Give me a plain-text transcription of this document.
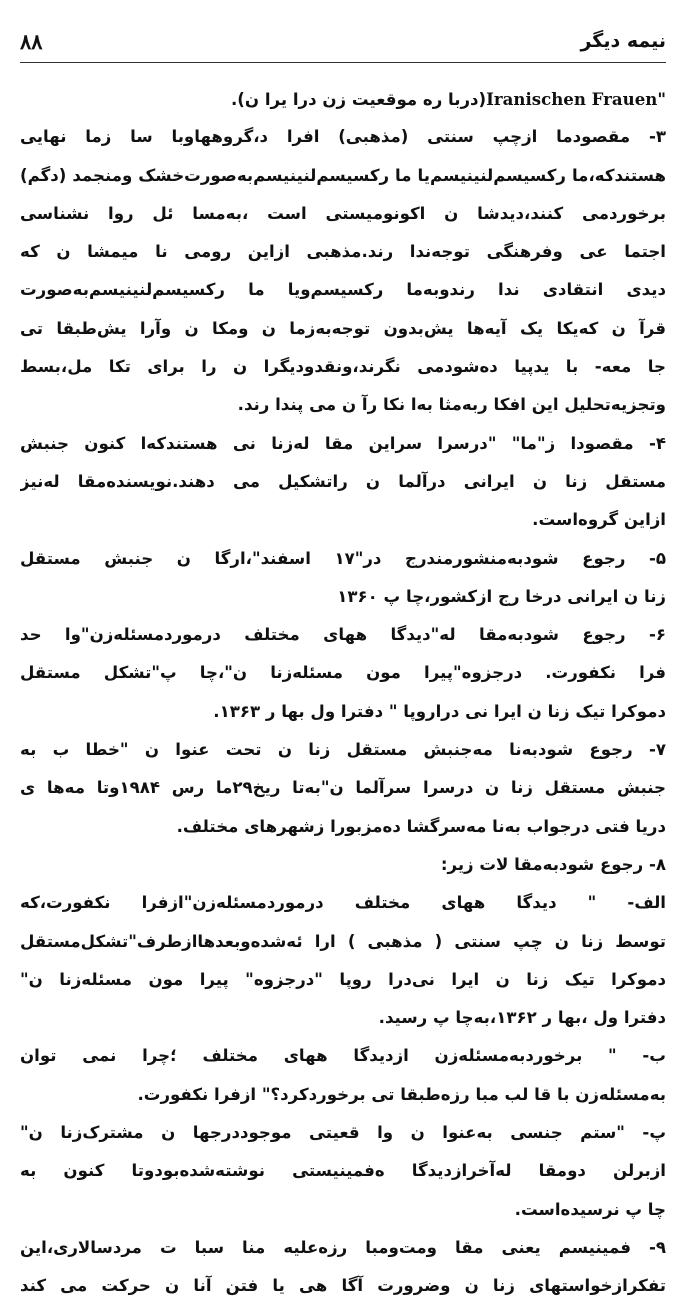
۸۸	نیمه دیگر
Iranischen Frauen"(دربا ره موقعیت زن درا یرا ن).
۳- مقصودما ازچپ سنتی (مذهبی) افرا د،گروههاوبا سا زما نهایی
هستندکه،ما رکسیسم‌لنینیسم‌یا ما رکسیسم‌لنینیسم‌به‌صورت‌خشک ومنجمد (دگم)
برخوردمی کنند،دیدشا ن اکونومیستی است ،به‌مسا ئل روا نشناسی
اجتما عی وفرهنگی توجه‌ندا رند.مذهبی ازاین رومی نا میمشا ن که
دیدی انتقادی ندا رندوبه‌ما رکسیسم‌ویا ما رکسیسم‌لنینیسم‌به‌صورت
قرآ ن که‌یکا یک آیه‌ها یش‌بدون توجه‌به‌زما ن ومکا ن وآرا یش‌طبقا تی
جا معه- با یدپیا ده‌شودمی نگرند،ونقدودیگرا ن را برای تکا مل،بسط
وتجزیه‌تحلیل این افکا ربه‌مثا به‌ا نکا رآ ن می پندا رند.
۴- مقصودا ز"ما" "درسرا سراین مقا له‌زنا نی هستندکه‌ا کنون جنبش
مستقل زنا ن ایرانی درآلما ن راتشکیل می دهند.نویسنده‌مقا له‌نیز
ازاین گروه‌است.
۵- رجوع شودبه‌منشورمندرج در"۱۷ اسفند"،ارگا ن جنبش مستقل
زنا ن ایرانی درخا رج ازکشور،چا پ ۱۳۶۰
۶- رجوع شودبه‌مقا له"دیدگا ههای مختلف درموردمسئله‌زن"وا حد
فرا نکفورت. درجزوه"پیرا مون مسئله‌زنا ن"،چا پ"تشکل مستقل
دموکرا تیک زنا ن ایرا نی دراروپا " دفترا ول بها ر ۱۳۶۳.
۷- رجوع شودبه‌نا مه‌جنبش مستقل زنا ن تحت عنوا ن "خطا ب به
جنبش مستقل زنا ن درسرا سرآلما ن"به‌تا ریخ۲۹ما رس ۱۹۸۴وتا مه‌ها ی
دریا فتی درجواب به‌نا مه‌سرگشا ده‌مزبورا زشهرهای مختلف.
۸- رجوع شودبه‌مقا لات زیر:
الف- " دیدگا ههای مختلف درموردمسئله‌زن"ازفرا نکفورت،که
توسط زنا ن چپ سنتی ( مذهبی ) ارا ئه‌شده‌وبعدهاازطرف"تشکل‌مستقل
دموکرا تیک زنا ن ایرا نی‌درا روپا "درجزوه" پیرا مون مسئله‌زنا ن"
دفترا ول ،بها ر ۱۳۶۲،به‌چا پ رسید.
ب- " برخوردبه‌مسئله‌زن ازدیدگا ههای مختلف ؛چرا نمی توان
به‌مسئله‌زن با قا لب مبا رزه‌طبقا تی برخوردکرد؟" ازفرا نکفورت.
پ- "ستم جنسی به‌عنوا ن وا قعیتی موجوددرجها ن مشترک‌زنا ن"
ازبرلن دومقا له‌آخرازدیدگا ه‌فمینیستی نوشته‌شده‌بودوتا کنون به
چا پ نرسیده‌است.
۹- فمینیسم یعنی مقا ومت‌ومبا رزه‌علیه منا سبا ت مردسالاری،این
تفکرازخواستهای زنا ن وضرورت آگا هی یا فتن آنا ن حرکت می کند
